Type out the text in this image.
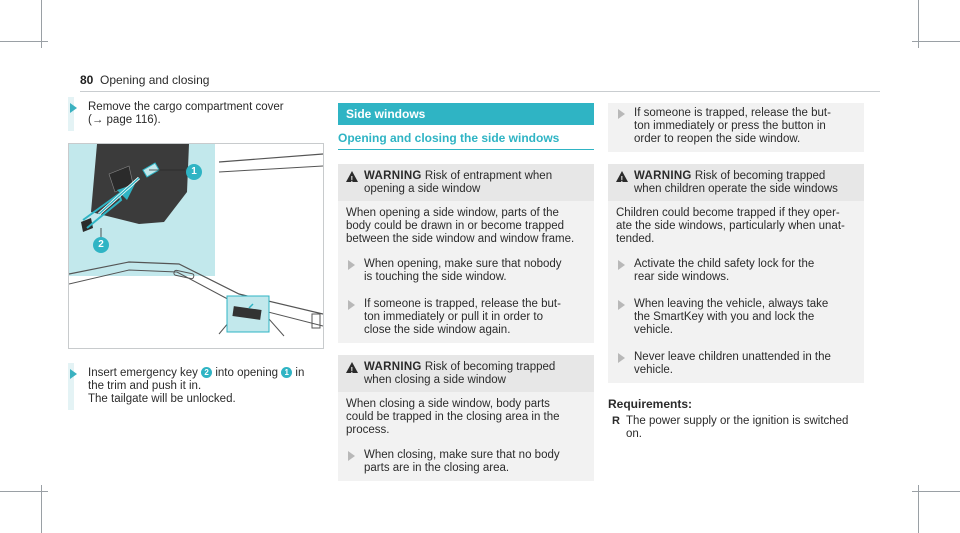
80 Opening and closing
Remove the cargo compartment cover
(→ page 116).
1
2
Insert emergency key 2 into opening 1 in
the trim and push it in.
The tailgate will be unlocked.
Side windows
Opening and closing the side windows
! WARNING Risk of entrapment when
opening a side window
When opening a side window, parts of the
body could be drawn in or become trapped
between the side window and window frame.
When opening, make sure that nobody
is touching the side window.
If someone is trapped, release the but-
ton immediately or pull it in order to
close the side window again.
! WARNING Risk of becoming trapped
when closing a side window
When closing a side window, body parts
could be trapped in the closing area in the
process.
When closing, make sure that no body
parts are in the closing area.
If someone is trapped, release the but-
ton immediately or press the button in
order to reopen the side window.
! WARNING Risk of becoming trapped
when children operate the side windows
Children could become trapped if they oper-
ate the side windows, particularly when unat-
tended.
Activate the child safety lock for the
rear side windows.
When leaving the vehicle, always take
the SmartKey with you and lock the
vehicle.
Never leave children unattended in the
vehicle.
Requirements:
R The power supply or the ignition is switched
on.
